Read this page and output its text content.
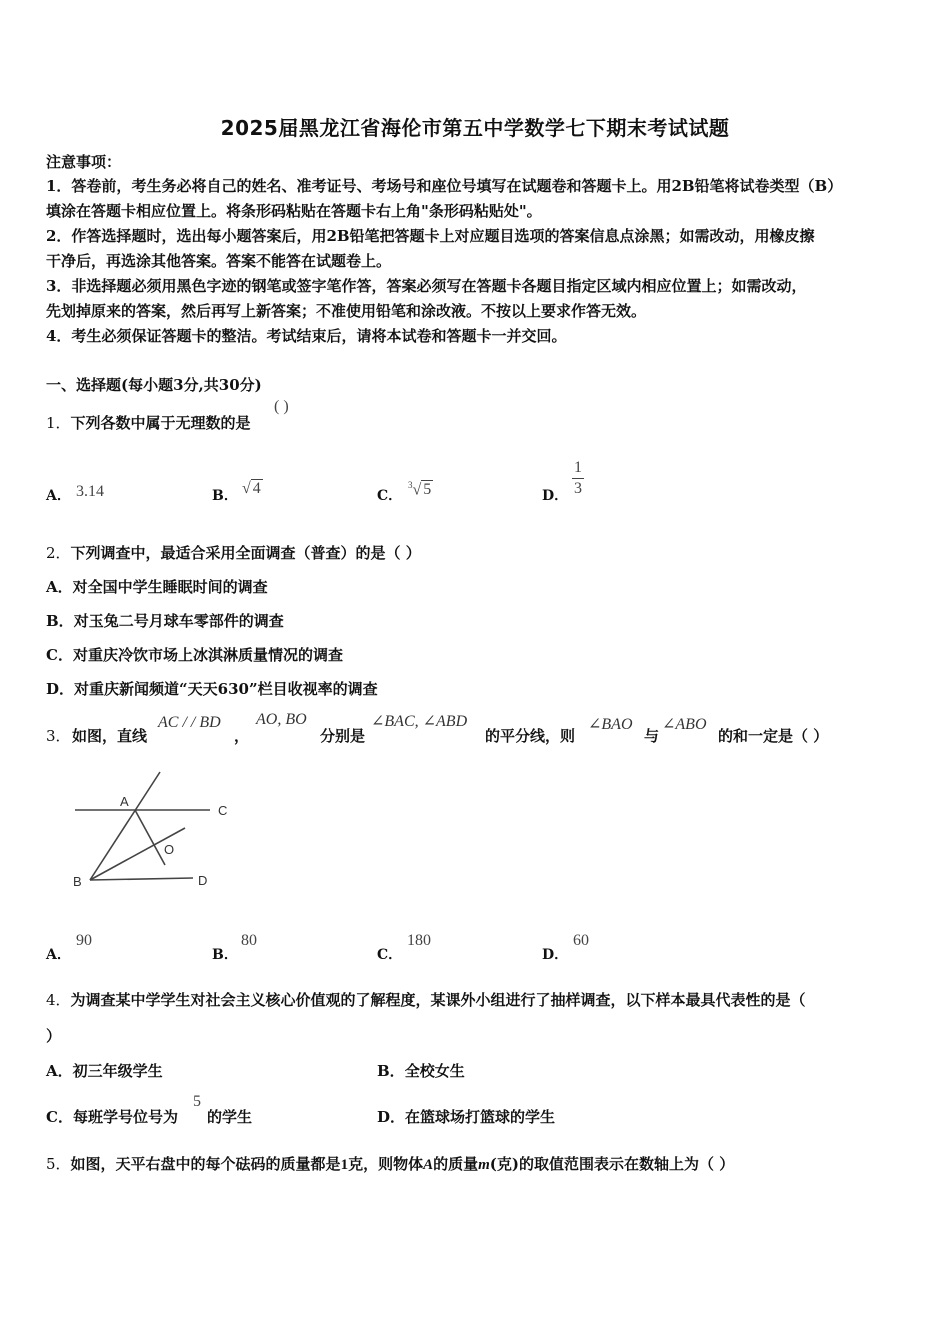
2025届黑龙江省海伦市第五中学数学七下期末考试试题
注意事项：
1．答卷前，考生务必将自己的姓名、准考证号、考场号和座位号填写在试题卷和答题卡上。用2B铅笔将试卷类型（B）
填涂在答题卡相应位置上。将条形码粘贴在答题卡右上角"条形码粘贴处"。
2．作答选择题时，选出每小题答案后，用2B铅笔把答题卡上对应题目选项的答案信息点涂黑；如需改动，用橡皮擦
干净后，再选涂其他答案。答案不能答在试题卷上。
3．非选择题必须用黑色字迹的钢笔或签字笔作答，答案必须写在答题卡各题目指定区域内相应位置上；如需改动，
先划掉原来的答案，然后再写上新答案；不准使用铅笔和涂改液。不按以上要求作答无效。
4．考生必须保证答题卡的整洁。考试结束后，请将本试卷和答题卡一并交回。
一、选择题(每小题3分,共30分)
1．下列各数中属于无理数的是
( )
A． 3.14	B． √ 4	C．
$^3$√ 5	D． $\frac{1}{3}$
2．下列调查中，最适合采用全面调查（普查）的是（ ）
A．对全国中学生睡眠时间的调查
B．对玉兔二号月球车零部件的调查
C．对重庆冷饮市场上冰淇淋质量情况的调查
D．对重庆新闻频道“天天630”栏目收视率的调查
3． 如图，直线
AC / / BD
，
AO, BO
分别是
∠BAC, ∠ABD
的平分线，则
∠BAO
与
∠ABO
的和一定是（ ）
A
C
O
B	D
A．
90
B．
80
C．
180
D．
60
4．为调查某中学学生对社会主义核心价值观的了解程度，某课外小组进行了抽样调查，以下样本最具代表性的是（
）
A．初三年级学生	B．全校女生
C．每班学号位号为
5
的学生	D．在篮球场打篮球的学生
5．如图，天平右盘中的每个砝码的质量都是1克，则物体A的质量m(克)的取值范围表示在数轴上为（ ）
